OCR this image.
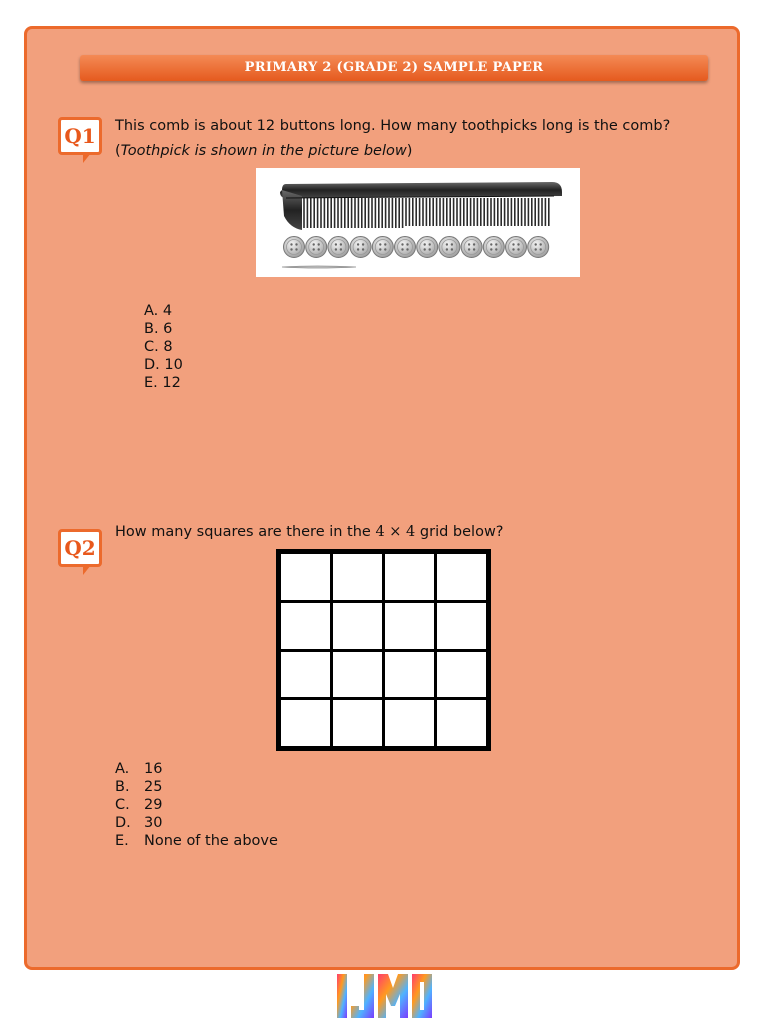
PRIMARY 2 (GRADE 2) SAMPLE PAPER
Q1	This comb is about 12 buttons long. How many toothpicks long is the comb?
(Toothpick is shown in the picture below)
A. 4
B. 6
C. 8
D. 10
E. 12
Q2
How many squares are there in the 4 × 4 grid below?
A. 16
B. 25
C. 29
D. 30
E. None of the above
